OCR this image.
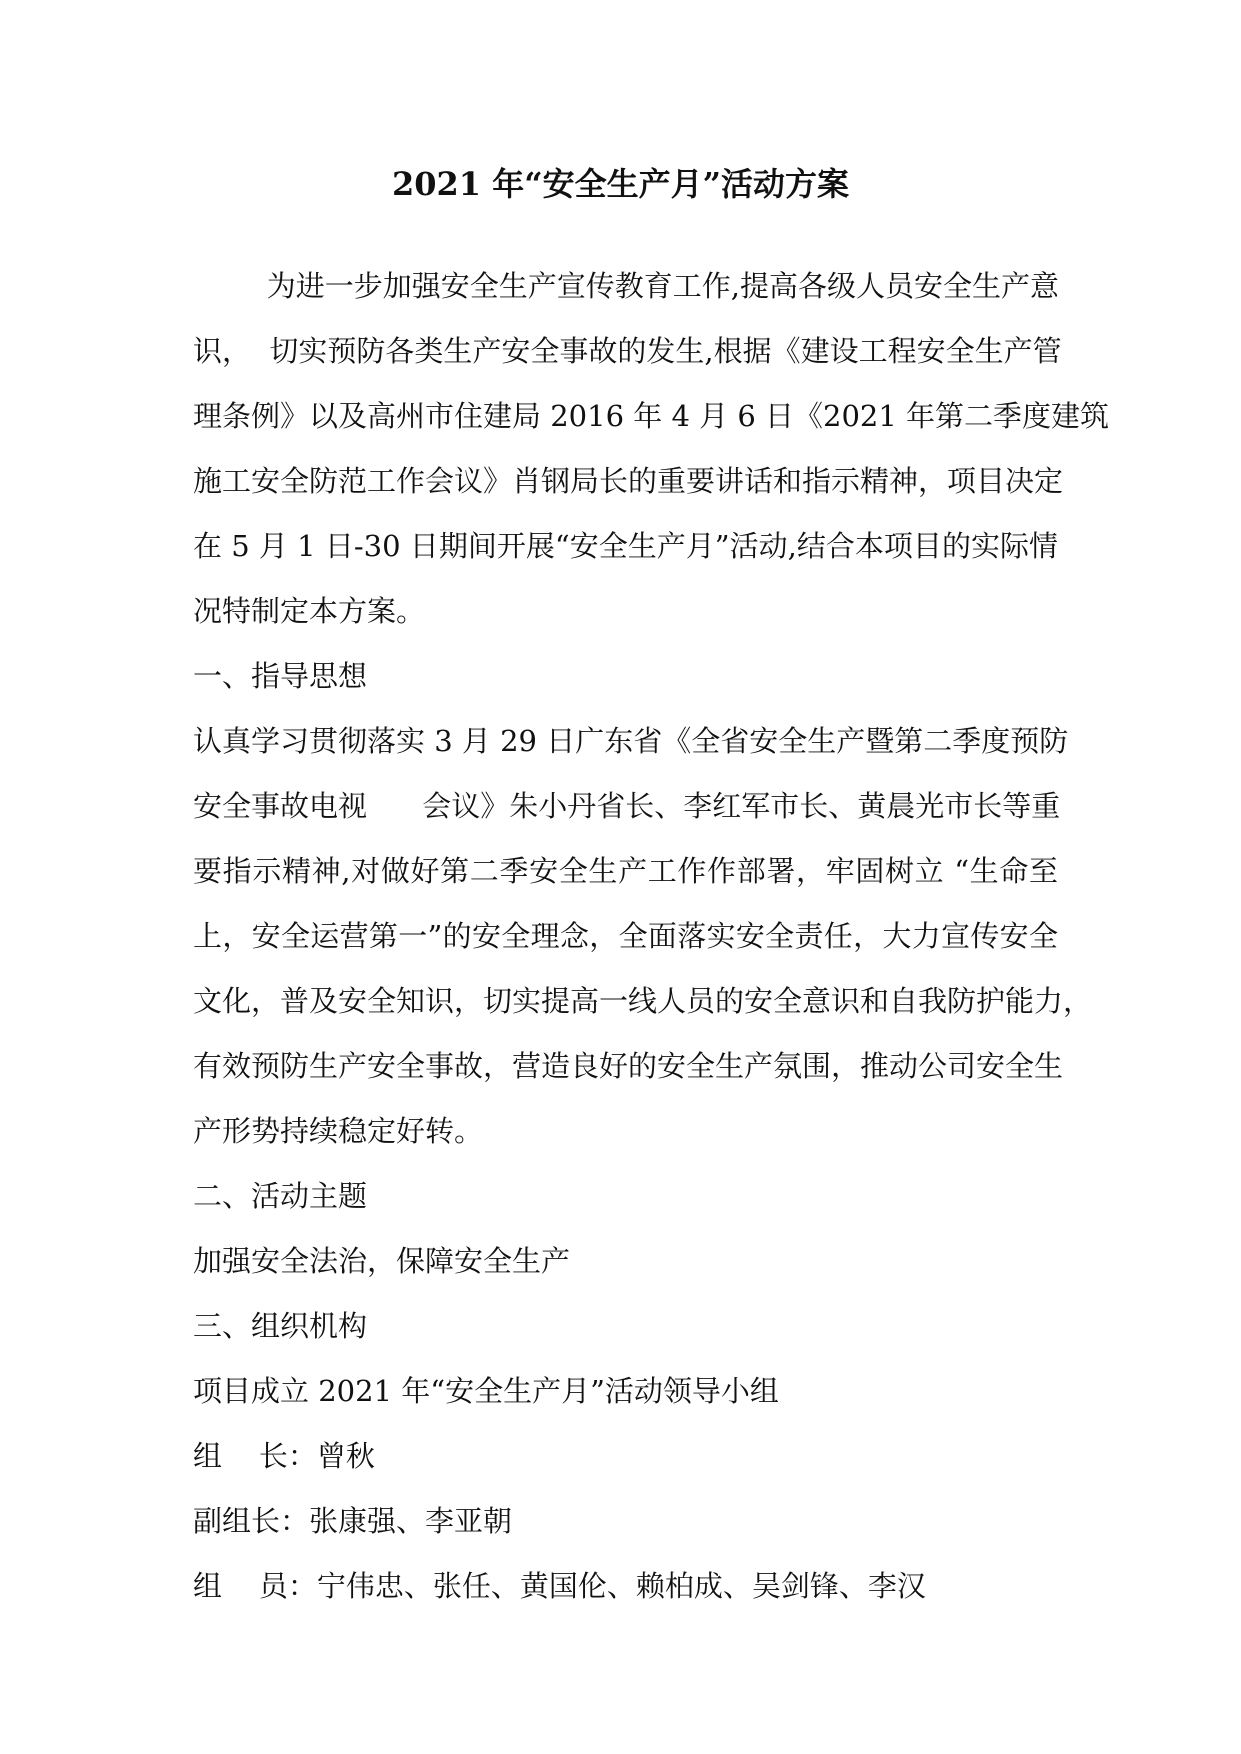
2021 年“安全生产月”活动方案
为进一步加强安全生产宣传教育工作,提高各级人员安全生产意
识，  切实预防各类生产安全事故的发生,根据《建设工程安全生产管
理条例》以及高州市住建局 2016 年 4 月 6 日《2021 年第二季度建筑
施工安全防范工作会议》肖钢局长的重要讲话和指示精神，项目决定
在 5 月 1 日-30 日期间开展“安全生产月”活动,结合本项目的实际情
况特制定本方案。
一、指导思想
认真学习贯彻落实 3 月 29 日广东省《全省安全生产暨第二季度预防
安全事故电视      会议》朱小丹省长、李红军市长、黄晨光市长等重
要指示精神,对做好第二季安全生产工作作部署，牢固树立 “生命至
上，安全运营第一”的安全理念，全面落实安全责任，大力宣传安全
文化，普及安全知识，切实提高一线人员的安全意识和自我防护能力，
有效预防生产安全事故，营造良好的安全生产氛围，推动公司安全生
产形势持续稳定好转。
二、活动主题
加强安全法治，保障安全生产
三、组织机构
项目成立 2021 年“安全生产月”活动领导小组
组    长：曾秋
副组长：张康强、李亚朝
组    员：宁伟忠、张任、黄国伦、赖柏成、吴剑锋、李汉
